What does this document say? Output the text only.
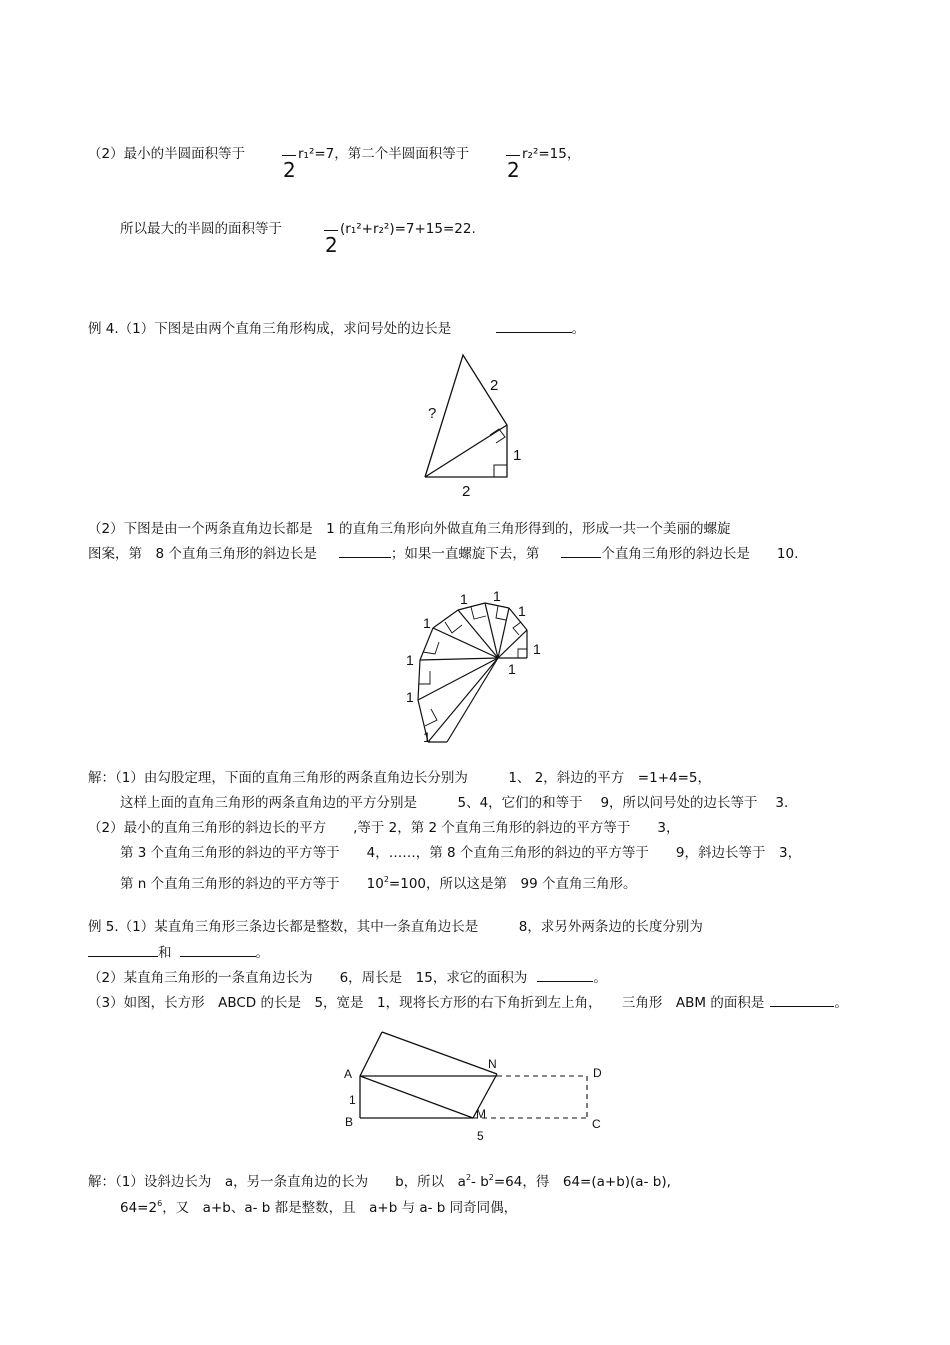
（2）最小的半圆面积等于
2
r₁²=7，第二个半圆面积等于
2
r₂²=15，
所以最大的半圆的面积等于
2
(r₁²+r₂²)=7+15=22.
例 4.（1）下图是由两个直角三角形构成，求问号处的边长是	。
?
2
1
2
（2）下图是由一个两条直角边长都是　1 的直角三角形向外做直角三角形得到的，形成一共一个美丽的螺旋
图案，第　8 个直角三角形的斜边长是	；如果一直螺旋下去，第	个直角三角形的斜边长是　　10.
1
1
1
1
1
1
1
1
1
解：（1）由勾股定理，下面的直角三角形的两条直角边长分别为　　　1、 2，斜边的平方　=1+4=5，
这样上面的直角三角形的两条直角边的平方分别是　　　5、4，它们的和等于　 9，所以问号处的边长等于　 3.
（2）最小的直角三角形的斜边长的平方　　,等于 2，第 2 个直角三角形的斜边的平方等于　　3，
第 3 个直角三角形的斜边的平方等于　　4，……，第 8 个直角三角形的斜边的平方等于　　9，斜边长等于　3，
第 n 个直角三角形的斜边的平方等于　　$10^2=100$，所以这是第　99 个直角三角形。
例 5.（1）某直角三角形三条边长都是整数，其中一条直角边长是　　　8，求另外两条边的长度分别为
和	。
（2）某直角三角形的一条直角边长为　　6，周长是　15，求它的面积为	。
（3）如图，长方形　ABCD 的长是　5，宽是　1，现将长方形的右下角折到左上角，　　三角形　ABM 的面积是	。
A
B	C
D
N
M
1
5
解：（1）设斜边长为　a，另一条直角边的长为　　b，所以　$a^2-$ $b^2=64$，得　64=(a+b)(a- b),
$64=2^6$，又　a+b、a- b 都是整数，且　a+b 与 a- b 同奇同偶，
